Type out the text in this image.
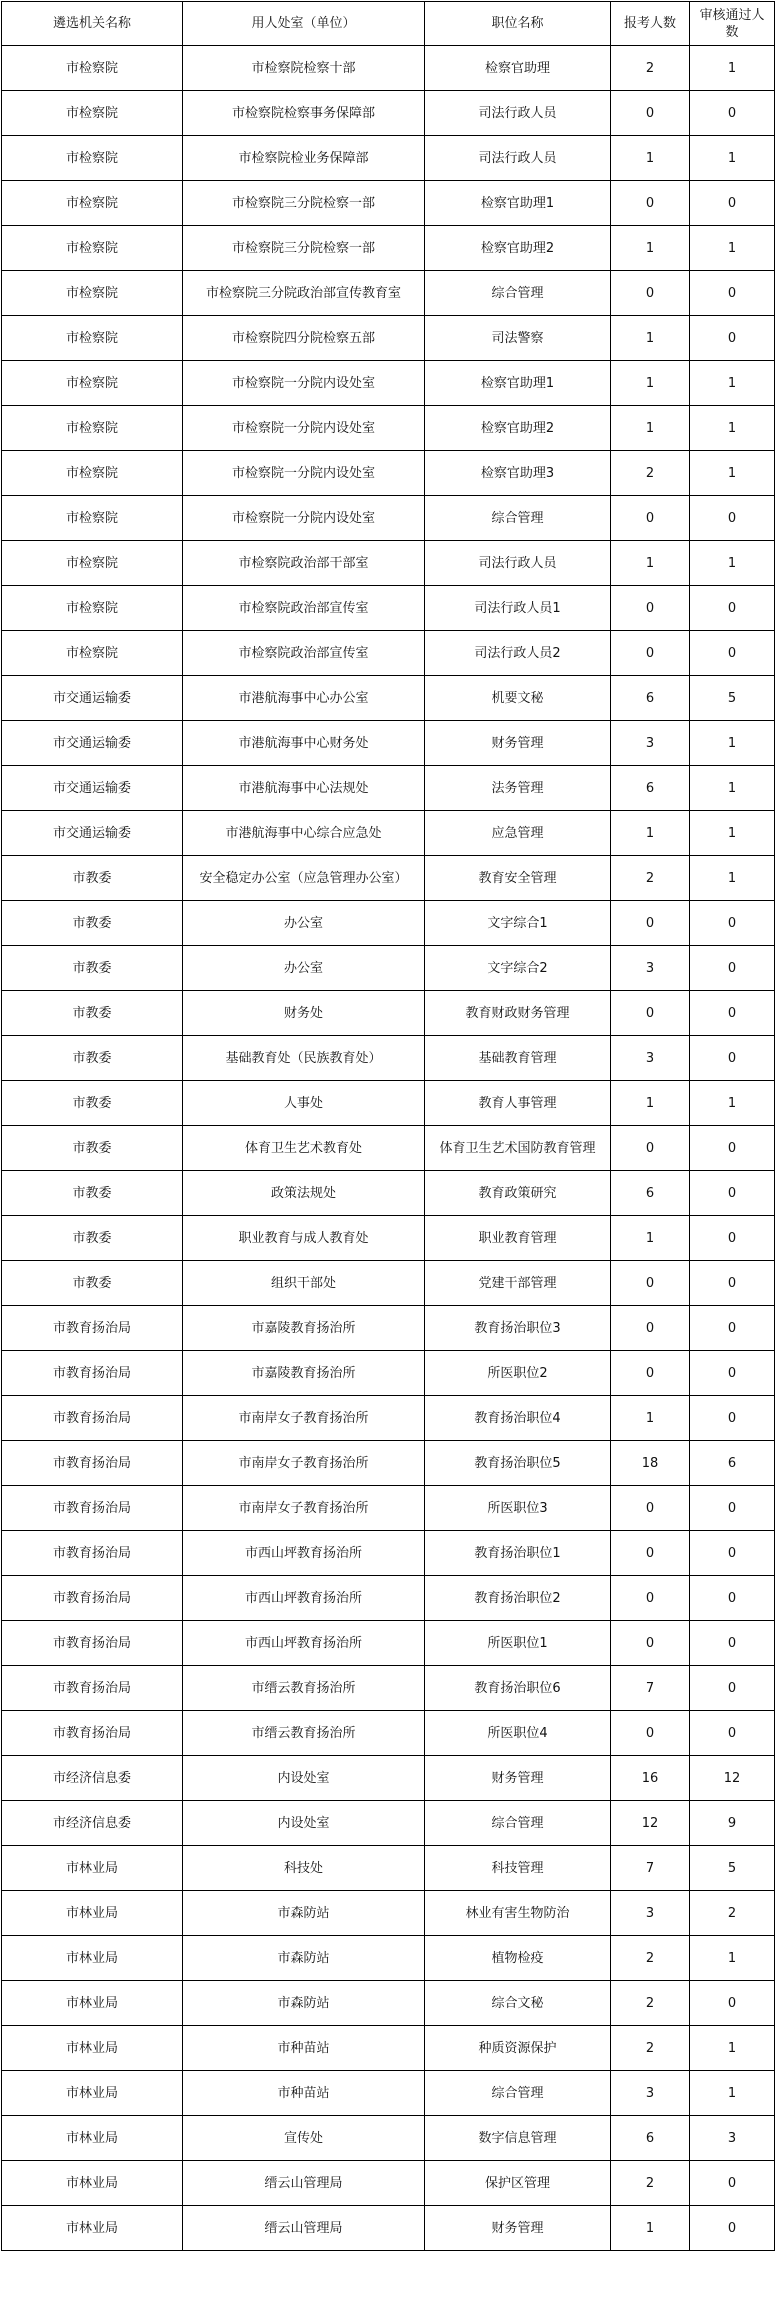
遴选机关名称	用人处室（单位）	职位名称	报考人数	审核通过人数
市检察院	市检察院检察十部	检察官助理	2	1
市检察院	市检察院检察事务保障部	司法行政人员	0	0
市检察院	市检察院检业务保障部	司法行政人员	1	1
市检察院	市检察院三分院检察一部	检察官助理1	0	0
市检察院	市检察院三分院检察一部	检察官助理2	1	1
市检察院	市检察院三分院政治部宣传教育室	综合管理	0	0
市检察院	市检察院四分院检察五部	司法警察	1	0
市检察院	市检察院一分院内设处室	检察官助理1	1	1
市检察院	市检察院一分院内设处室	检察官助理2	1	1
市检察院	市检察院一分院内设处室	检察官助理3	2	1
市检察院	市检察院一分院内设处室	综合管理	0	0
市检察院	市检察院政治部干部室	司法行政人员	1	1
市检察院	市检察院政治部宣传室	司法行政人员1	0	0
市检察院	市检察院政治部宣传室	司法行政人员2	0	0
市交通运输委	市港航海事中心办公室	机要文秘	6	5
市交通运输委	市港航海事中心财务处	财务管理	3	1
市交通运输委	市港航海事中心法规处	法务管理	6	1
市交通运输委	市港航海事中心综合应急处	应急管理	1	1
市教委	安全稳定办公室（应急管理办公室）	教育安全管理	2	1
市教委	办公室	文字综合1	0	0
市教委	办公室	文字综合2	3	0
市教委	财务处	教育财政财务管理	0	0
市教委	基础教育处（民族教育处）	基础教育管理	3	0
市教委	人事处	教育人事管理	1	1
市教委	体育卫生艺术教育处	体育卫生艺术国防教育管理	0	0
市教委	政策法规处	教育政策研究	6	0
市教委	职业教育与成人教育处	职业教育管理	1	0
市教委	组织干部处	党建干部管理	0	0
市教育扬治局	市嘉陵教育扬治所	教育扬治职位3	0	0
市教育扬治局	市嘉陵教育扬治所	所医职位2	0	0
市教育扬治局	市南岸女子教育扬治所	教育扬治职位4	1	0
市教育扬治局	市南岸女子教育扬治所	教育扬治职位5	18	6
市教育扬治局	市南岸女子教育扬治所	所医职位3	0	0
市教育扬治局	市西山坪教育扬治所	教育扬治职位1	0	0
市教育扬治局	市西山坪教育扬治所	教育扬治职位2	0	0
市教育扬治局	市西山坪教育扬治所	所医职位1	0	0
市教育扬治局	市缙云教育扬治所	教育扬治职位6	7	0
市教育扬治局	市缙云教育扬治所	所医职位4	0	0
市经济信息委	内设处室	财务管理	16	12
市经济信息委	内设处室	综合管理	12	9
市林业局	科技处	科技管理	7	5
市林业局	市森防站	林业有害生物防治	3	2
市林业局	市森防站	植物检疫	2	1
市林业局	市森防站	综合文秘	2	0
市林业局	市种苗站	种质资源保护	2	1
市林业局	市种苗站	综合管理	3	1
市林业局	宣传处	数字信息管理	6	3
市林业局	缙云山管理局	保护区管理	2	0
市林业局	缙云山管理局	财务管理	1	0
